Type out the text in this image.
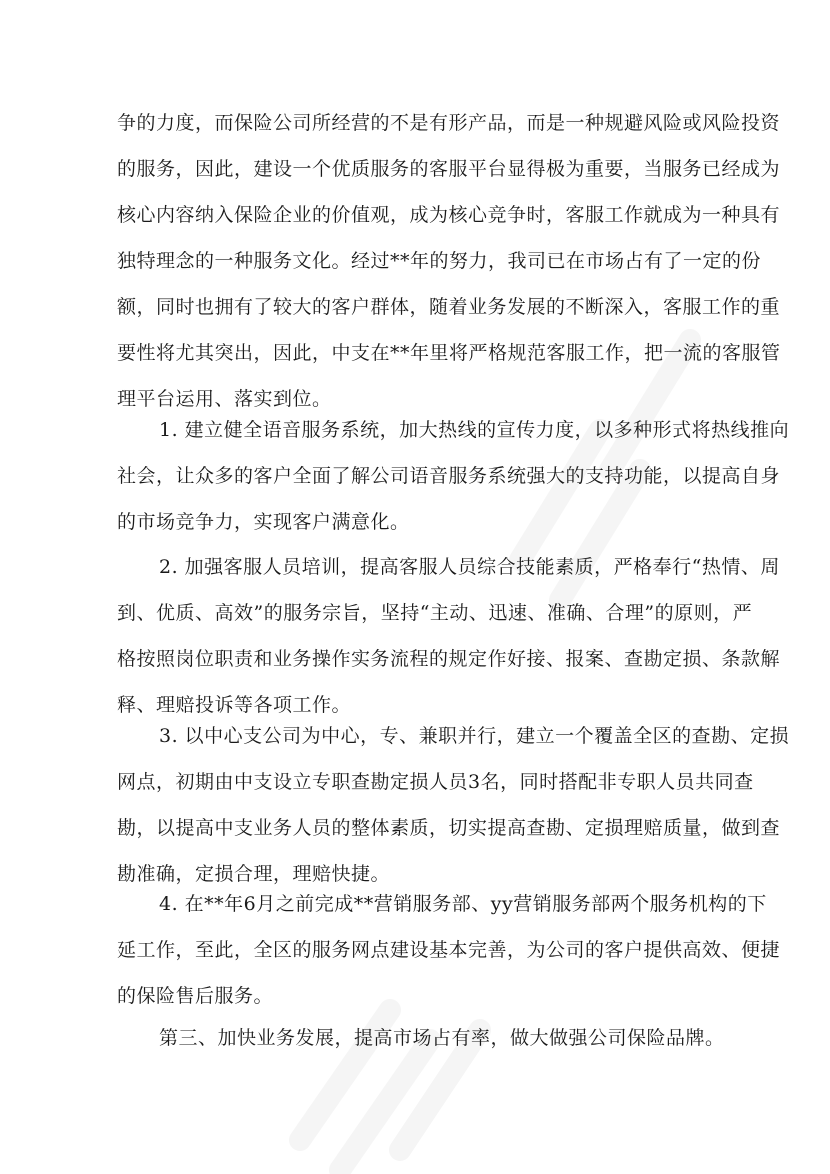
争的力度，而保险公司所经营的不是有形产品，而是一种规避风险或风险投资
的服务，因此，建设一个优质服务的客服平台显得极为重要，当服务已经成为
核心内容纳入保险企业的价值观，成为核心竞争时，客服工作就成为一种具有
独特理念的一种服务文化。经过**年的努力，我司已在市场占有了一定的份
额，同时也拥有了较大的客户群体，随着业务发展的不断深入，客服工作的重
要性将尤其突出，因此，中支在**年里将严格规范客服工作，把一流的客服管
理平台运用、落实到位。
1. 建立健全语音服务系统，加大热线的宣传力度，以多种形式将热线推向
社会，让众多的客户全面了解公司语音服务系统强大的支持功能，以提高自身
的市场竞争力，实现客户满意化。
2. 加强客服人员培训，提高客服人员综合技能素质，严格奉行“热情、周
到、优质、高效”的服务宗旨，坚持“主动、迅速、准确、合理”的原则，严
格按照岗位职责和业务操作实务流程的规定作好接、报案、查勘定损、条款解
释、理赔投诉等各项工作。
3. 以中心支公司为中心，专、兼职并行，建立一个覆盖全区的查勘、定损
网点，初期由中支设立专职查勘定损人员3名，同时搭配非专职人员共同查
勘，以提高中支业务人员的整体素质，切实提高查勘、定损理赔质量，做到查
勘准确，定损合理，理赔快捷。
4. 在**年6月之前完成**营销服务部、yy营销服务部两个服务机构的下
延工作，至此，全区的服务网点建设基本完善，为公司的客户提供高效、便捷
的保险售后服务。
第三、加快业务发展，提高市场占有率，做大做强公司保险品牌。
